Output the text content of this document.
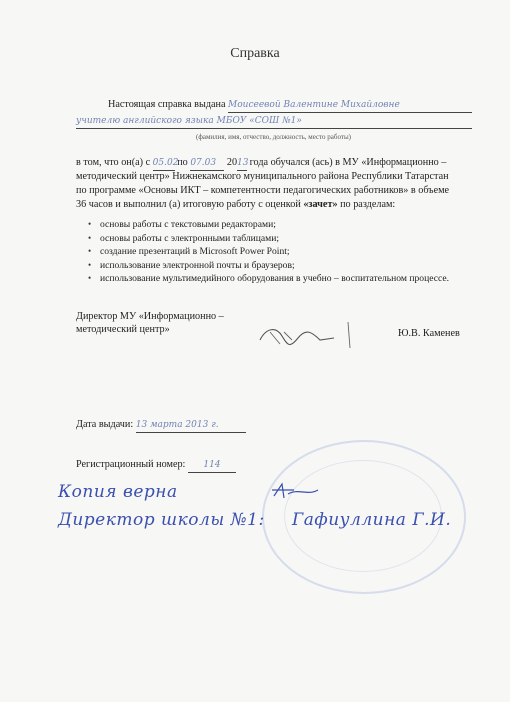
Справка
Настоящая справка выдана Моисеевой Валентине Михайловне
учителю английского языка МБОУ «СОШ №1»
(фамилия, имя, отчество, должность, место работы)
в том, что он(а) с 05.02 по 07.03 2013 года обучался (ась) в МУ «Информационно –
методический центр» Нижнекамского муниципального района Республики Татарстан
по программе «Основы ИКТ – компетентности педагогических работников» в объеме
36 часов и выполнил (а) итоговую работу с оценкой «зачет» по разделам:
• основы работы с текстовыми редакторами;
• основы работы с электронными таблицами;
• создание презентаций в Microsoft Power Point;
• использование электронной почты и браузеров;
• использование мультимедийного оборудования в учебно – воспитательном процессе.
Директор МУ «Информационно –
методический центр»	Ю.В. Каменев
Дата выдачи: 13 марта 2013 г.
Регистрационный номер: 114
Копия верна
Директор школы №1: Гафиуллина Г.И.
